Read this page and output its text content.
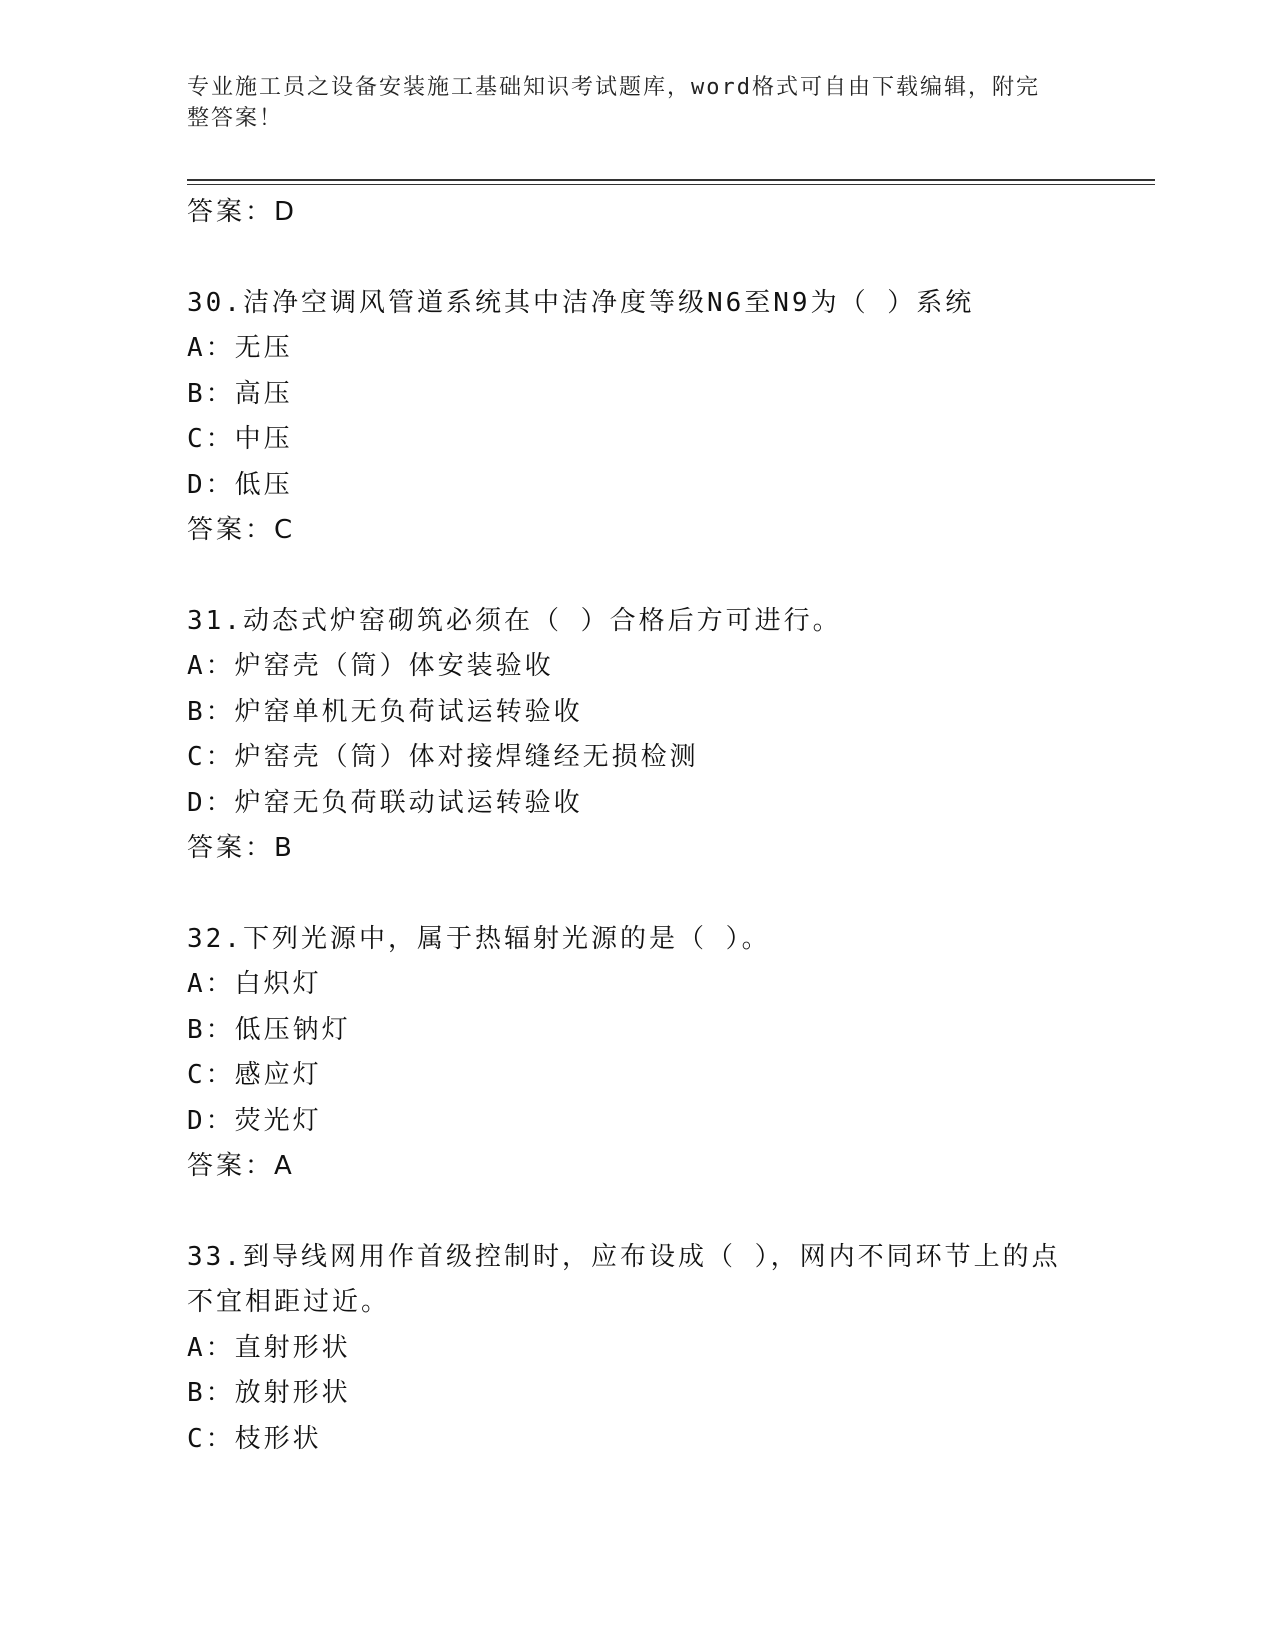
专业施工员之设备安装施工基础知识考试题库，word格式可自由下载编辑，附完
整答案！
答案：D
30.洁净空调风管道系统其中洁净度等级N6至N9为（ ）系统
A：无压
B：高压
C：中压
D：低压
答案：C
31.动态式炉窑砌筑必须在（ ）合格后方可进行。
A：炉窑壳（筒）体安装验收
B：炉窑单机无负荷试运转验收
C：炉窑壳（筒）体对接焊缝经无损检测
D：炉窑无负荷联动试运转验收
答案：B
32.下列光源中，属于热辐射光源的是（ ）。
A：白炽灯
B：低压钠灯
C：感应灯
D：荧光灯
答案：A
33.到导线网用作首级控制时，应布设成（ ），网内不同环节上的点
不宜相距过近。
A：直射形状
B：放射形状
C：枝形状
